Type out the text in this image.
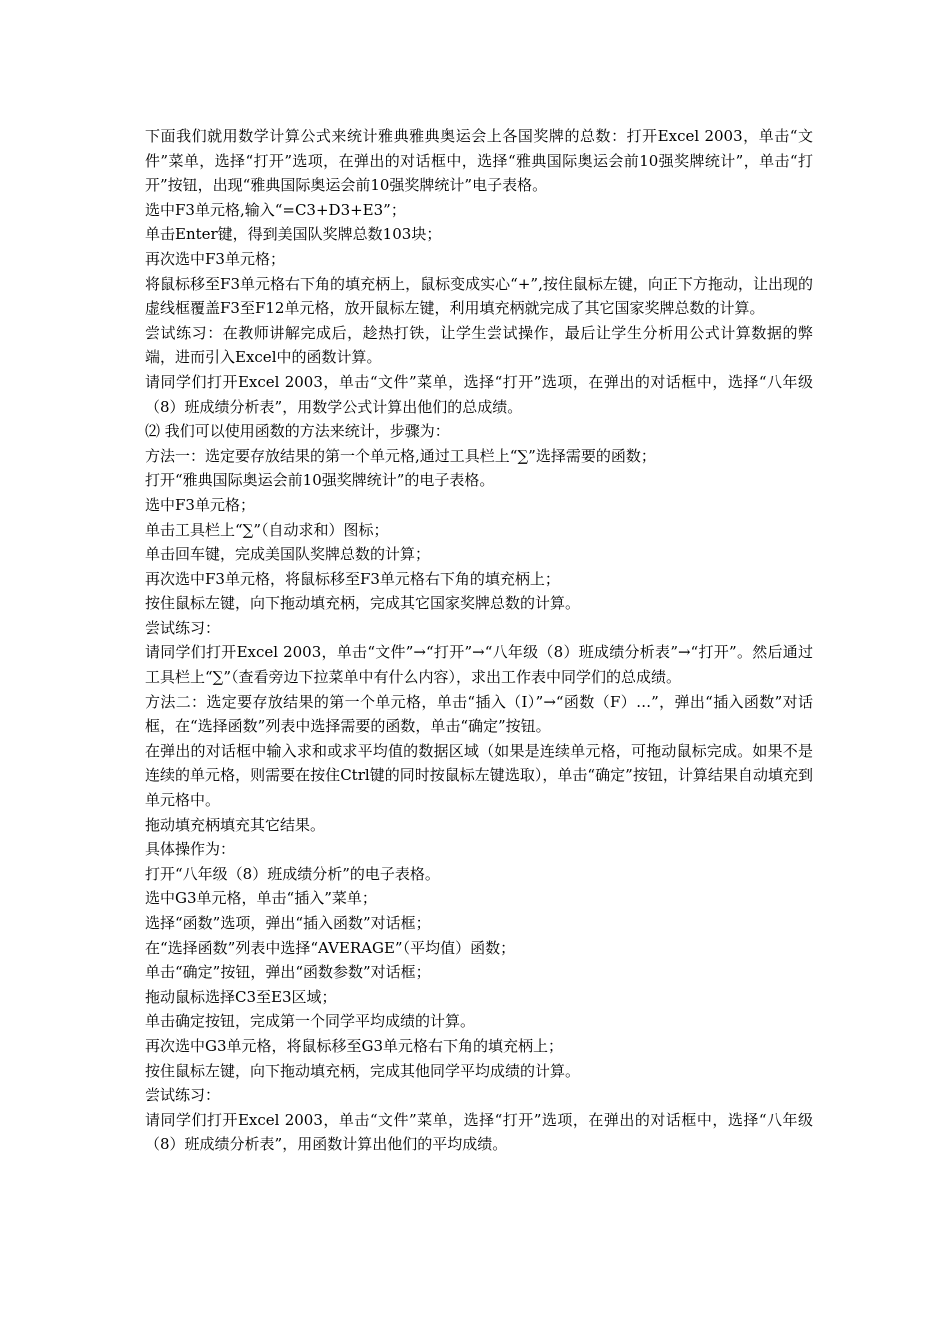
下面我们就用数学计算公式来统计雅典雅典奥运会上各国奖牌的总数：打开Excel 2003，单击“文件”菜单，选择“打开”选项，在弹出的对话框中，选择“雅典国际奥运会前10强奖牌统计”，单击“打开”按钮，出现“雅典国际奥运会前10强奖牌统计”电子表格。

选中F3单元格,输入“=C3+D3+E3”；

单击Enter键，得到美国队奖牌总数103块；

再次选中F3单元格；

将鼠标移至F3单元格右下角的填充柄上，鼠标变成实心“+”,按住鼠标左键，向正下方拖动，让出现的虚线框覆盖F3至F12单元格，放开鼠标左键，利用填充柄就完成了其它国家奖牌总数的计算。

尝试练习：在教师讲解完成后，趁热打铁，让学生尝试操作，最后让学生分析用公式计算数据的弊端，进而引入Excel中的函数计算。

请同学们打开Excel 2003，单击“文件”菜单，选择“打开”选项，在弹出的对话框中，选择“八年级（8）班成绩分析表”，用数学公式计算出他们的总成绩。

⑵ 我们可以使用函数的方法来统计，步骤为：

方法一：选定要存放结果的第一个单元格,通过工具栏上“∑”选择需要的函数；

打开“雅典国际奥运会前10强奖牌统计”的电子表格。

选中F3单元格；

单击工具栏上“∑”（自动求和）图标；

单击回车键，完成美国队奖牌总数的计算；

再次选中F3单元格，将鼠标移至F3单元格右下角的填充柄上；

按住鼠标左键，向下拖动填充柄，完成其它国家奖牌总数的计算。

尝试练习：

请同学们打开Excel 2003，单击“文件”→“打开”→“八年级（8）班成绩分析表”→“打开”。然后通过工具栏上“∑”（查看旁边下拉菜单中有什么内容），求出工作表中同学们的总成绩。

方法二：选定要存放结果的第一个单元格，单击“插入（I）”→“函数（F）…”，弹出“插入函数”对话框，在“选择函数”列表中选择需要的函数，单击“确定”按钮。

在弹出的对话框中输入求和或求平均值的数据区域（如果是连续单元格，可拖动鼠标完成。如果不是连续的单元格，则需要在按住Ctrl键的同时按鼠标左键选取），单击“确定”按钮，计算结果自动填充到单元格中。

拖动填充柄填充其它结果。

具体操作为：

打开“八年级（8）班成绩分析”的电子表格。

选中G3单元格，单击“插入”菜单；

选择“函数”选项，弹出“插入函数”对话框；

在“选择函数”列表中选择“AVERAGE”（平均值）函数；

单击“确定”按钮，弹出“函数参数”对话框；

拖动鼠标选择C3至E3区域；

单击确定按钮，完成第一个同学平均成绩的计算。

再次选中G3单元格，将鼠标移至G3单元格右下角的填充柄上；

按住鼠标左键，向下拖动填充柄，完成其他同学平均成绩的计算。

尝试练习：

请同学们打开Excel 2003，单击“文件”菜单，选择“打开”选项，在弹出的对话框中，选择“八年级（8）班成绩分析表”，用函数计算出他们的平均成绩。
